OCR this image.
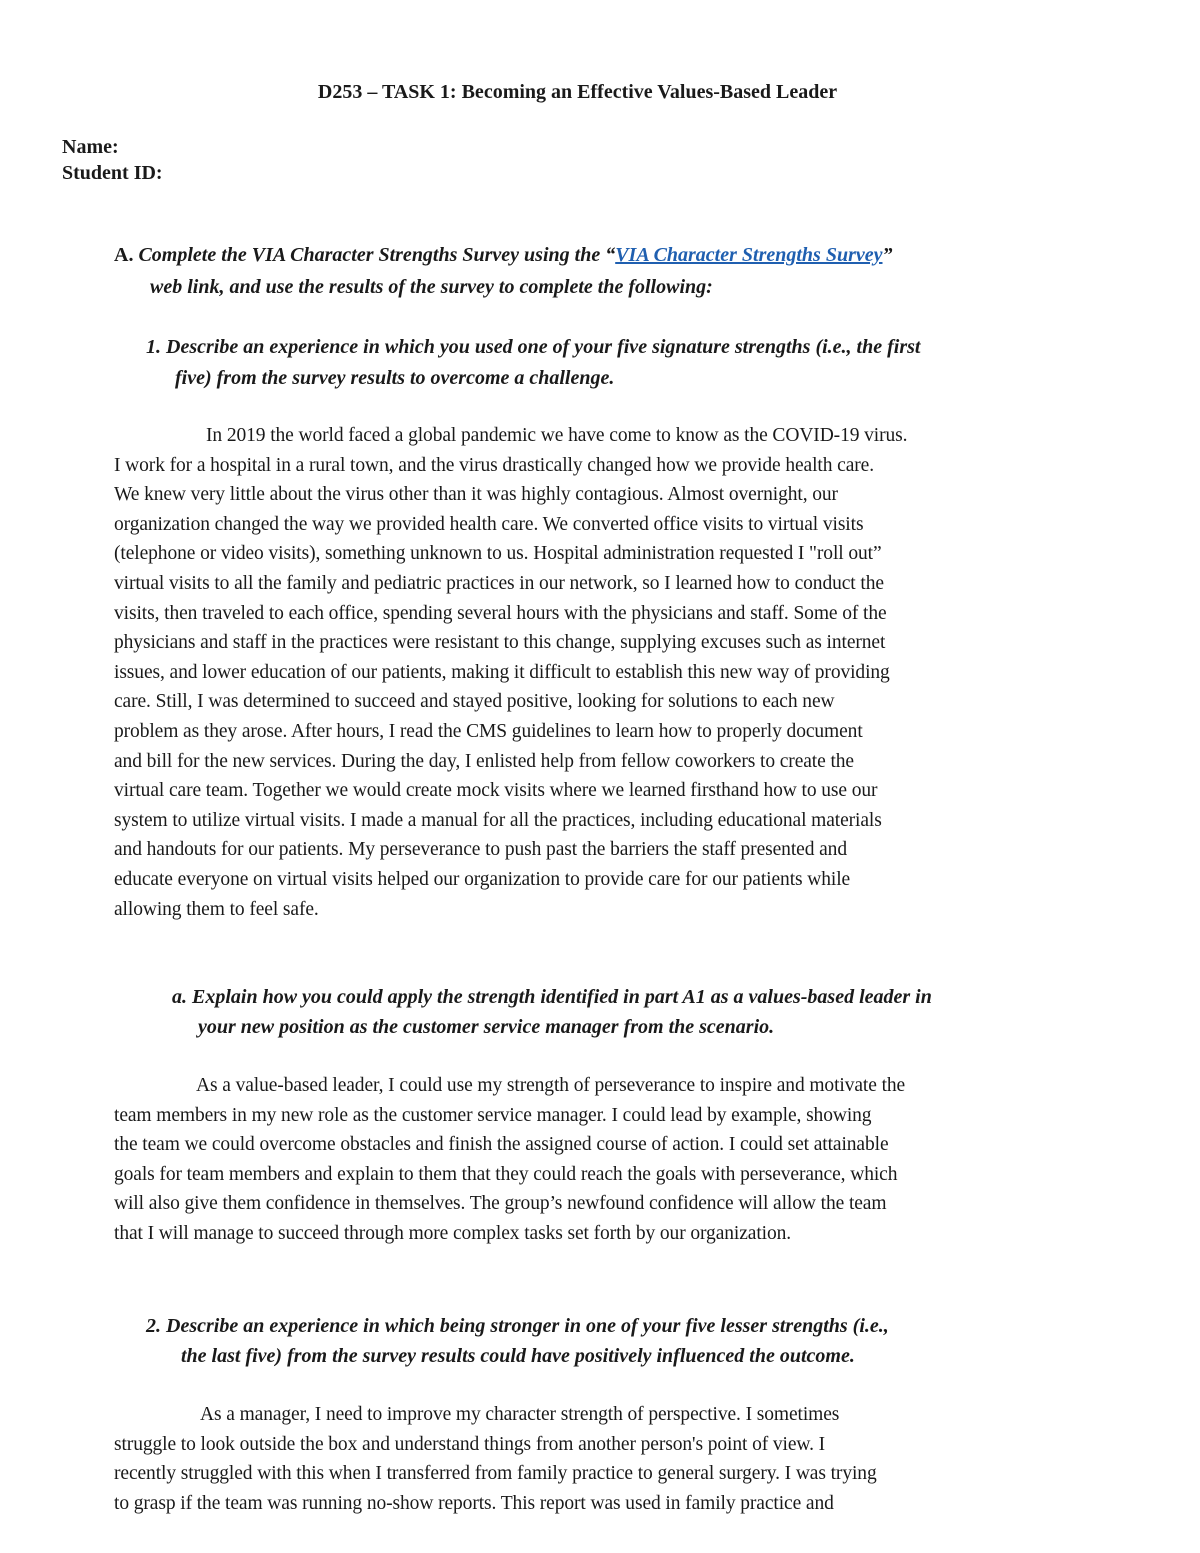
D253 – TASK 1: Becoming an Effective Values-Based Leader
Name:
Student ID:
A. Complete the VIA Character Strengths Survey using the “VIA Character Strengths Survey”
web link, and use the results of the survey to complete the following:
1. Describe an experience in which you used one of your five signature strengths (i.e., the first
five) from the survey results to overcome a challenge.
In 2019 the world faced a global pandemic we have come to know as the COVID-19 virus.
I work for a hospital in a rural town, and the virus drastically changed how we provide health care.
We knew very little about the virus other than it was highly contagious. Almost overnight, our
organization changed the way we provided health care. We converted office visits to virtual visits
(telephone or video visits), something unknown to us. Hospital administration requested I "roll out”
virtual visits to all the family and pediatric practices in our network, so I learned how to conduct the
visits, then traveled to each office, spending several hours with the physicians and staff. Some of the
physicians and staff in the practices were resistant to this change, supplying excuses such as internet
issues, and lower education of our patients, making it difficult to establish this new way of providing
care. Still, I was determined to succeed and stayed positive, looking for solutions to each new
problem as they arose. After hours, I read the CMS guidelines to learn how to properly document
and bill for the new services. During the day, I enlisted help from fellow coworkers to create the
virtual care team. Together we would create mock visits where we learned firsthand how to use our
system to utilize virtual visits. I made a manual for all the practices, including educational materials
and handouts for our patients. My perseverance to push past the barriers the staff presented and
educate everyone on virtual visits helped our organization to provide care for our patients while
allowing them to feel safe.
a. Explain how you could apply the strength identified in part A1 as a values-based leader in
your new position as the customer service manager from the scenario.
As a value-based leader, I could use my strength of perseverance to inspire and motivate the
team members in my new role as the customer service manager. I could lead by example, showing
the team we could overcome obstacles and finish the assigned course of action. I could set attainable
goals for team members and explain to them that they could reach the goals with perseverance, which
will also give them confidence in themselves. The group’s newfound confidence will allow the team
that I will manage to succeed through more complex tasks set forth by our organization.
2. Describe an experience in which being stronger in one of your five lesser strengths (i.e.,
the last five) from the survey results could have positively influenced the outcome.
As a manager, I need to improve my character strength of perspective. I sometimes
struggle to look outside the box and understand things from another person's point of view. I
recently struggled with this when I transferred from family practice to general surgery. I was trying
to grasp if the team was running no-show reports. This report was used in family practice and
